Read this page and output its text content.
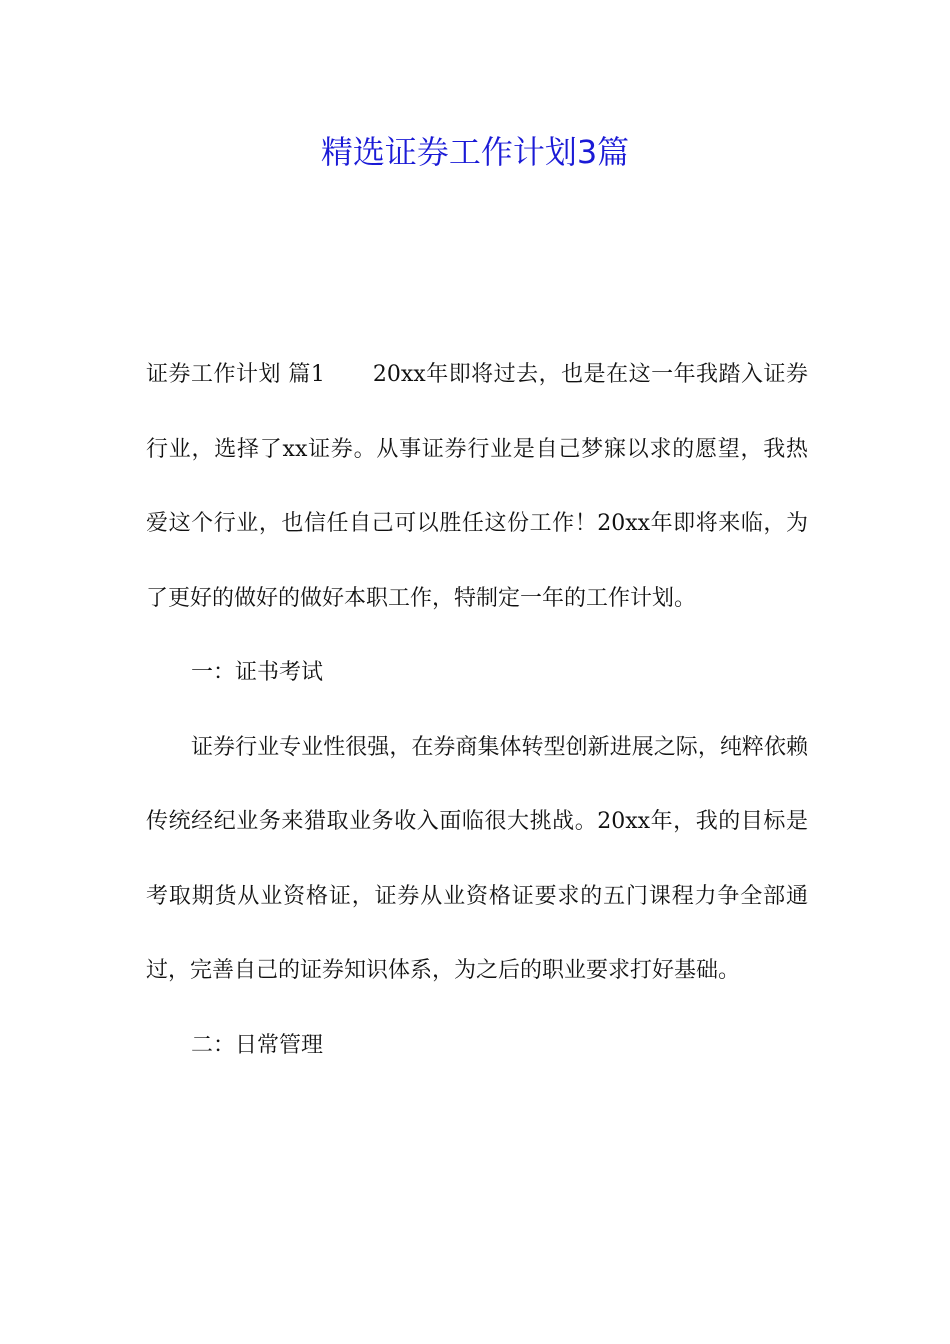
精选证券工作计划3篇

证券工作计划 篇1 20xx年即将过去，也是在这一年我踏入证券行业，选择了xx证券。从事证券行业是自己梦寐以求的愿望，我热爱这个行业，也信任自己可以胜任这份工作！20xx年即将来临，为了更好的做好的做好本职工作，特制定一年的工作计划。

一：证书考试

证券行业专业性很强，在券商集体转型创新进展之际，纯粹依赖传统经纪业务来猎取业务收入面临很大挑战。20xx年，我的目标是考取期货从业资格证，证券从业资格证要求的五门课程力争全部通过，完善自己的证券知识体系，为之后的职业要求打好基础。

二：日常管理
